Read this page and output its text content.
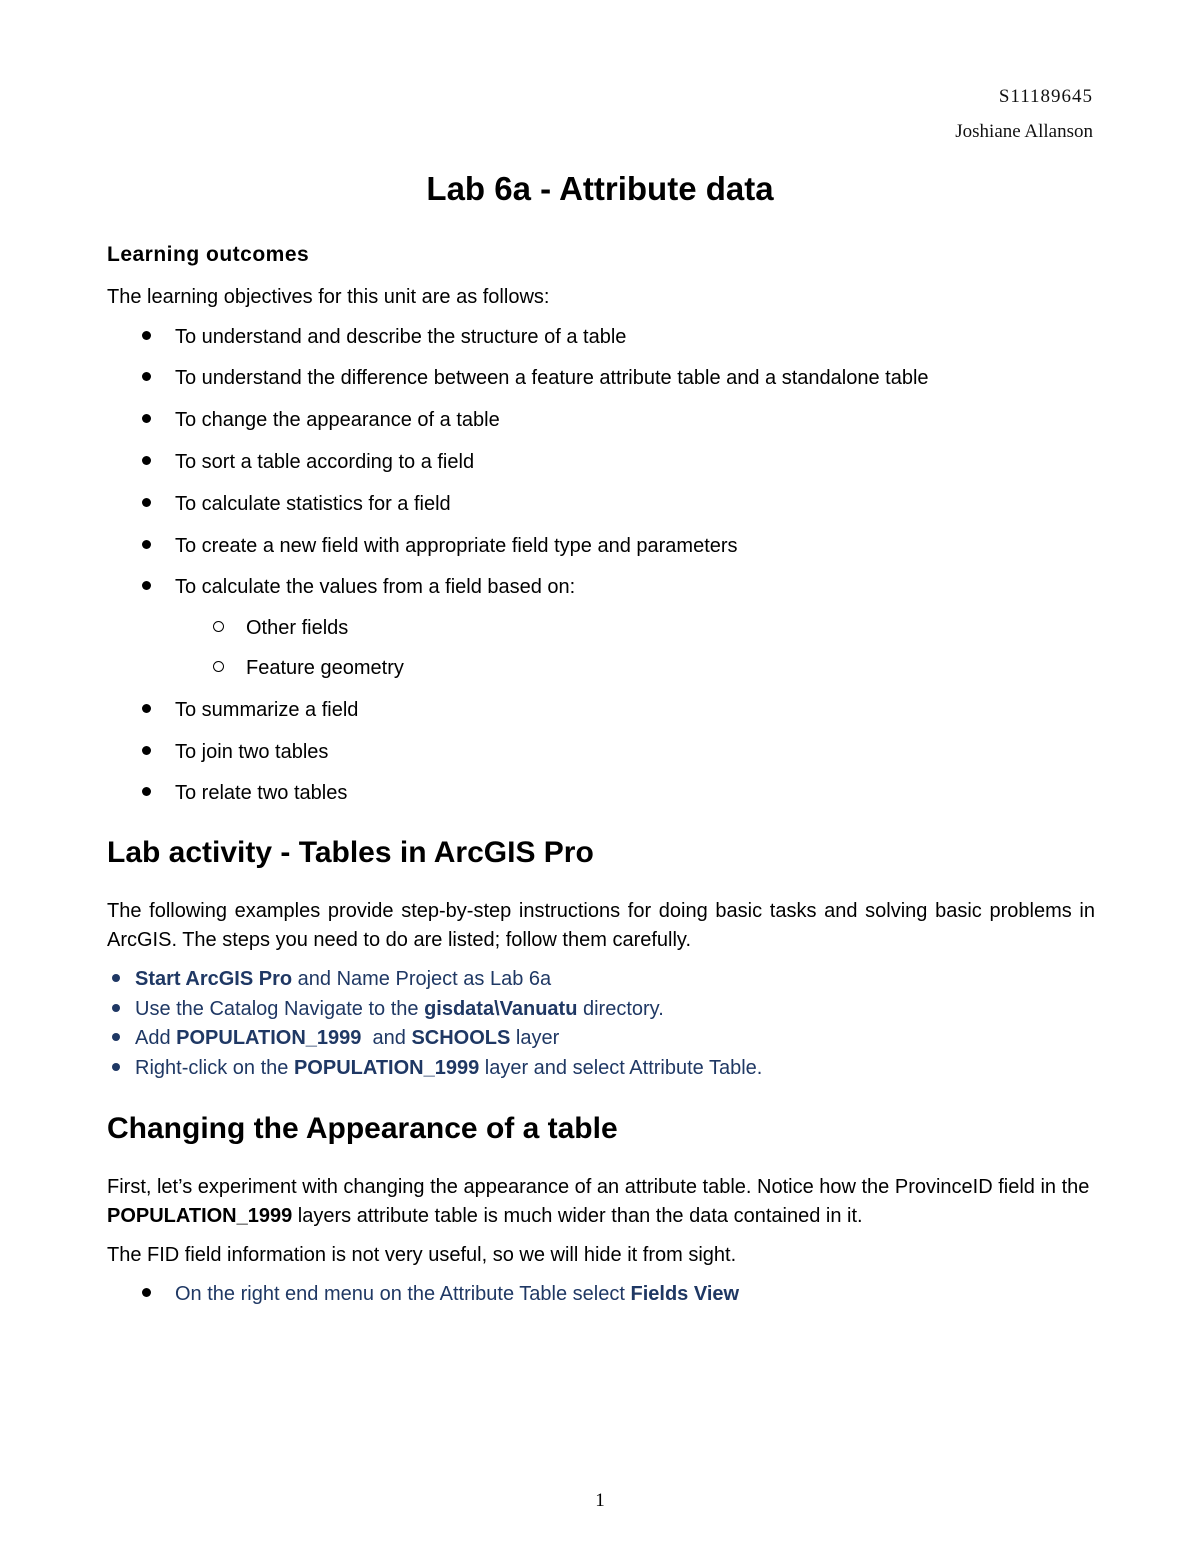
S11189645
Joshiane Allanson
Lab 6a - Attribute data
Learning outcomes
The learning objectives for this unit are as follows:
To understand and describe the structure of a table
To understand the difference between a feature attribute table and a standalone table
To change the appearance of a table
To sort a table according to a field
To calculate statistics for a field
To create a new field with appropriate field type and parameters
To calculate the values from a field based on:
Other fields
Feature geometry
To summarize a field
To join two tables
To relate two tables
Lab activity - Tables in ArcGIS Pro
The following examples provide step-by-step instructions for doing basic tasks and solving basic problems in ArcGIS. The steps you need to do are listed; follow them carefully.
Start ArcGIS Pro and Name Project as Lab 6a
Use the Catalog Navigate to the gisdata\Vanuatu directory.
Add POPULATION_1999  and SCHOOLS layer
Right-click on the POPULATION_1999 layer and select Attribute Table.
Changing the Appearance of a table
First, let’s experiment with changing the appearance of an attribute table. Notice how the ProvinceID field in the POPULATION_1999 layers attribute table is much wider than the data contained in it.
The FID field information is not very useful, so we will hide it from sight.
On the right end menu on the Attribute Table select Fields View
1
